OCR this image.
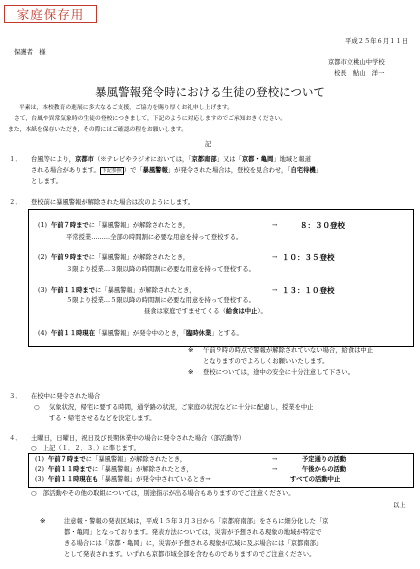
家庭保存用
平成２５年６月１１日
保護者　様
京都市立桃山中学校
校長　鮎山　洋一
暴風警報発令時における生徒の登校について
平素は，本校教育の進展に多大なるご支援，ご協力を賜り厚くお礼申し上げます。
さて，台風や異常気象時の生徒の登校につきまして，下記のように対応しますのでご承知おきください。
また，本紙を保存いただき，その際にはご確認の程をお願いします。
記
１． 台風等により，京都市（※テレビやラジオにおいては，「京都南部」又は「京都・亀岡」地域と報道
される場合があります。 下記参照 ）で「暴風警報」が発令された場合は，登校を見合わせ，「自宅待機」
とします。
２． 登校前に暴風警報が解除された場合は次のようにします。
(1) 午前７時までに「暴風警報」が解除されたとき，	→	８：３０登校
平常授業………全部の時間割に必要な用意を持って登校する。
(2) 午前９時までに「暴風警報」が解除されたとき，	→ １０：３５登校
３限より授業…３限以降の時間割に必要な用意を持って登校する。
(3) 午前１１時までに「暴風警報」が解除されたとき，	→ １３：１０登校
５限より授業…５限以降の時間割に必要な用意を持って登校する。
昼食は家庭ですませてくる（給食は中止）。
(4) 午前１１時現在「暴風警報」が発令中のとき，「臨時休業」とする。
※ 午前９時の時点で警報が解除されていない場合，給食は中止
となりますのでよろしくお願いいたします。
※ 登校については，途中の安全に十分注意して下さい。
３． 在校中に発令された場合
○ 気象状況，帰宅に要する時間，通学路の状況，ご家庭の状況などに十分に配慮し，授業を中止
する・帰宅させるなどを決定します。
４． 土曜日，日曜日，祝日及び長期休業中の場合に発令された場合（部活動等）
○　上記（１．２．３．）に準じます。
(1) 午前７時までに「暴風警報」が解除されたとき，	→	予定通りの活動
(2) 午前１１時までに「暴風警報」が解除されたとき，	→	午後からの活動
(3) 午前１１時現在も「暴風警報」が発令中されているとき→	すべての活動中止
○　部活動やその他の取組については，別途指示が出る場合もありますのでご注意ください。
以上
※	注意報・警報の発表区域は，平成１５年３月３日から「京都府南部」をさらに細分化した「京
都・亀岡」となっております。発表方法については，災害が予想される現象の地域が特定で
きる場合には「京都・亀岡」に，災害が予想される現象が広域に及ぶ場合には「京都南部」
として発表されます。いずれも京都市域全部を含むものでありますのでご注意ください。
